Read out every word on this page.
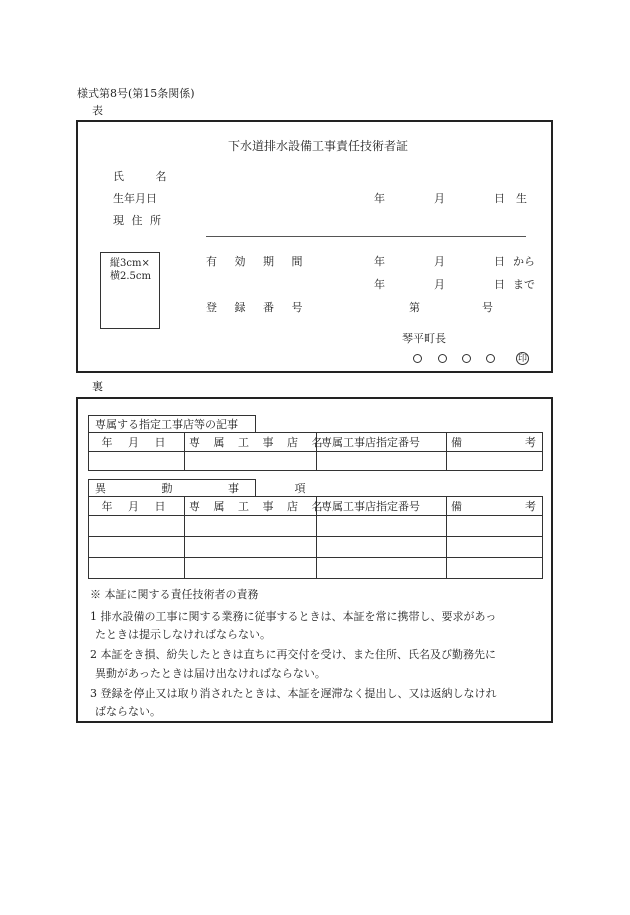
様式第8号(第15条関係)
表
下水道排水設備工事責任技術者証
氏 名
生年月日
現 住 所
年	月	日 生
縦3cm×
横2.5cm
有 効 期 間	年	月	日 から
年	月	日 まで
登 録 番 号	第	号
琴平町長
印
裏
専属する指定工事店等の記事
年 月 日	専 属 工 事 店 名	専属工事店指定番号	備 考

異 動 事 項
年 月 日	専 属 工 事 店 名	専属工事店指定番号	備 考

※ 本証に関する責任技術者の責務
1 排水設備の工事に関する業務に従事するときは、本証を常に携帯し、要求があっ
たときは提示しなければならない。
2 本証をき損、紛失したときは直ちに再交付を受け、また住所、氏名及び勤務先に
異動があったときは届け出なければならない。
3 登録を停止又は取り消されたときは、本証を遅滞なく提出し、又は返納しなけれ
ばならない。
